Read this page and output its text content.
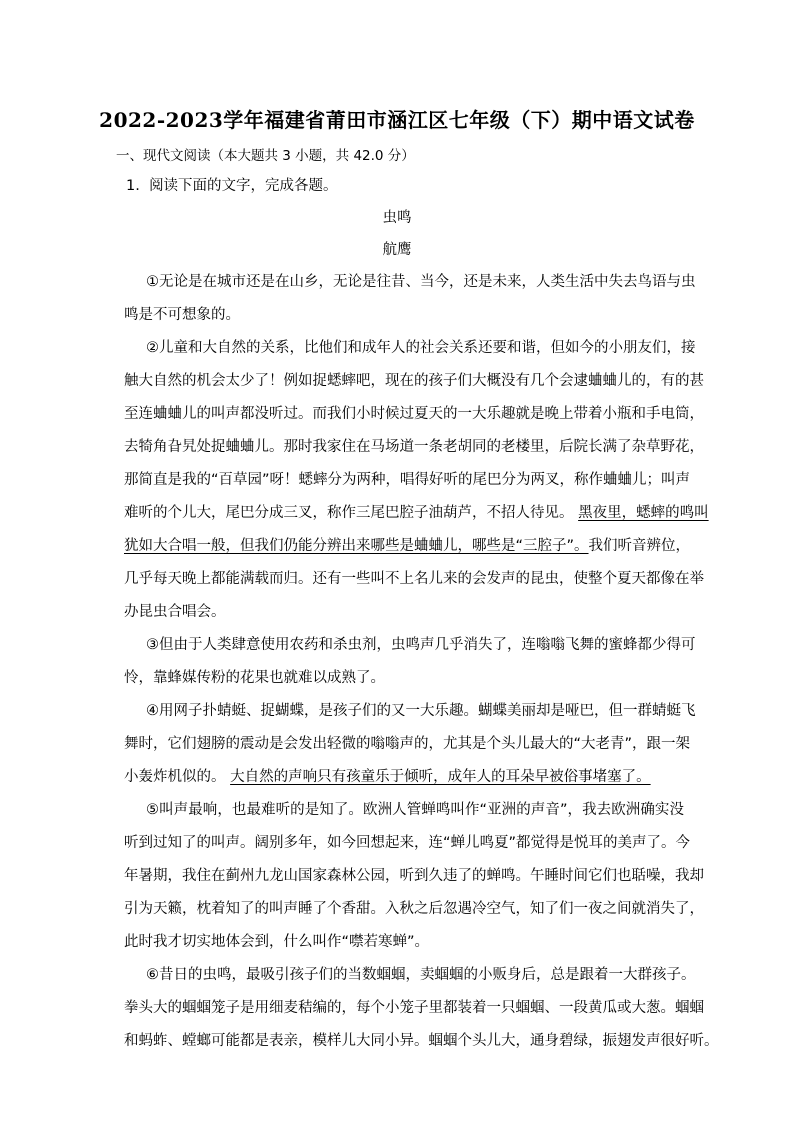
2022-2023学年福建省莆田市涵江区七年级（下）期中语文试卷
一、现代文阅读（本大题共 3 小题，共 42.0 分）
1. 阅读下面的文字，完成各题。
虫鸣
航鹰
①无论是在城市还是在山乡，无论是往昔、当今，还是未来，人类生活中失去鸟语与虫
鸣是不可想象的。
②儿童和大自然的关系，比他们和成年人的社会关系还要和谐，但如今的小朋友们，接
触大自然的机会太少了！例如捉蟋蟀吧，现在的孩子们大概没有几个会逮蛐蛐儿的，有的甚
至连蛐蛐儿的叫声都没听过。而我们小时候过夏天的一大乐趣就是晚上带着小瓶和手电筒，
去犄角旮旯处捉蛐蛐儿。那时我家住在马场道一条老胡同的老楼里，后院长满了杂草野花，
那简直是我的“百草园”呀！蟋蟀分为两种，唱得好听的尾巴分为两叉，称作蛐蛐儿；叫声
难听的个儿大，尾巴分成三叉，称作三尾巴腔子油葫芦，不招人待见。 黑夜里，蟋蟀的鸣叫
犹如大合唱一般，但我们仍能分辨出来哪些是蛐蛐儿，哪些是“三腔子”。我们听音辨位，
几乎每天晚上都能满载而归。还有一些叫不上名儿来的会发声的昆虫，使整个夏天都像在举
办昆虫合唱会。
③但由于人类肆意使用农药和杀虫剂，虫鸣声几乎消失了，连嗡嗡飞舞的蜜蜂都少得可
怜，靠蜂媒传粉的花果也就难以成熟了。
④用网子扑蜻蜓、捉蝴蝶，是孩子们的又一大乐趣。蝴蝶美丽却是哑巴，但一群蜻蜓飞
舞时，它们翅膀的震动是会发出轻微的嗡嗡声的，尤其是个头儿最大的“大老青”，跟一架
小轰炸机似的。 大自然的声响只有孩童乐于倾听，成年人的耳朵早被俗事堵塞了。
⑤叫声最响，也最难听的是知了。欧洲人管蝉鸣叫作“亚洲的声音”，我去欧洲确实没
听到过知了的叫声。阔别多年，如今回想起来，连“蝉儿鸣夏”都觉得是悦耳的美声了。今
年暑期，我住在蓟州九龙山国家森林公园，听到久违了的蝉鸣。午睡时间它们也聒噪，我却
引为天籁，枕着知了的叫声睡了个香甜。入秋之后忽遇冷空气，知了们一夜之间就消失了，
此时我才切实地体会到，什么叫作“噤若寒蝉”。
⑥昔日的虫鸣，最吸引孩子们的当数蝈蝈，卖蝈蝈的小贩身后，总是跟着一大群孩子。
拳头大的蝈蝈笼子是用细麦秸编的，每个小笼子里都装着一只蝈蝈、一段黄瓜或大葱。蝈蝈
和蚂蚱、螳螂可能都是表亲，模样儿大同小异。蝈蝈个头儿大，通身碧绿，振翅发声很好听。
